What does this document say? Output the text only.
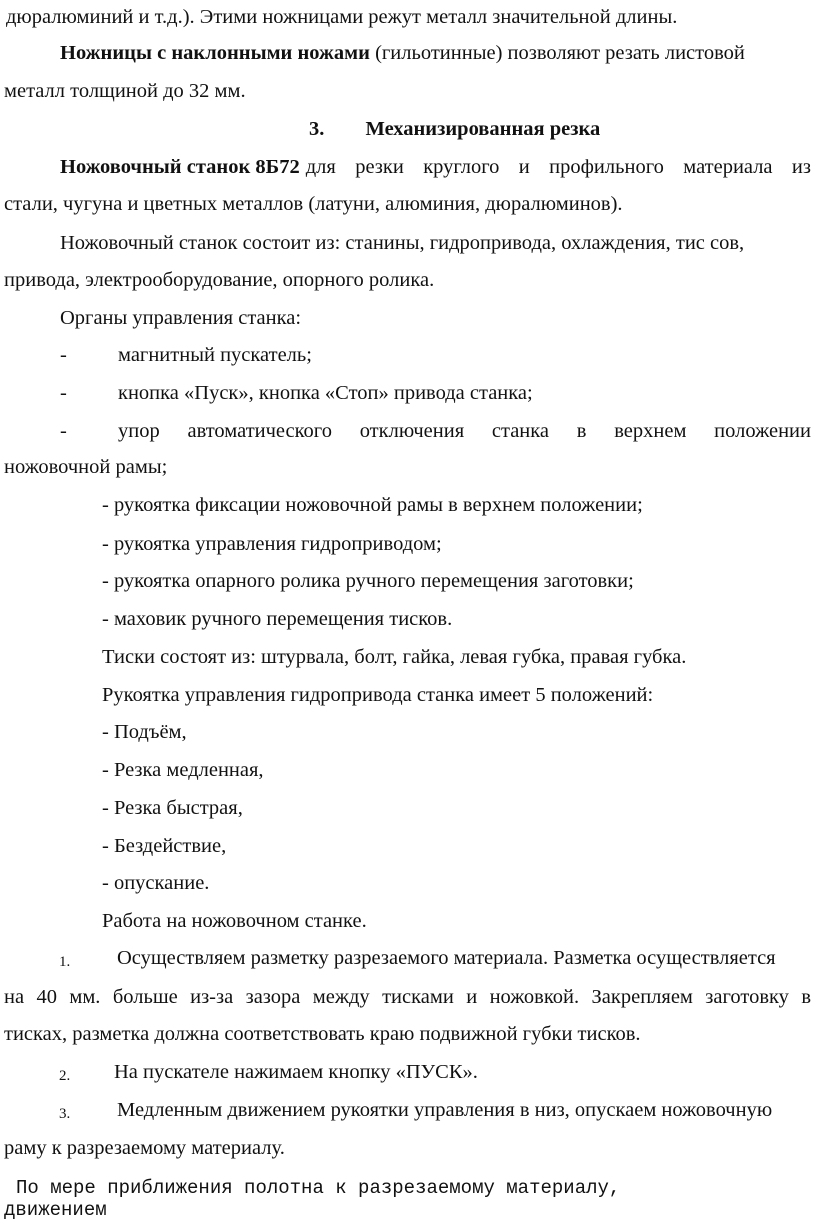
дюралюминий и т.д.). Этими ножницами режут металл значительной длины.
Ножницы с наклонными ножами (гильотинные) позволяют резать листовой
металл толщиной до 32 мм.
3. Механизированная резка
Ножовочный станок 8Б72 для резки круглого и профильного материала из
стали, чугуна и цветных металлов (латуни, алюминия, дюралюминов).
Ножовочный станок состоит из: станины, гидропривода, охлаждения, тис сов,
привода, электрооборудование, опорного ролика.
Органы управления станка:
- магнитный пускатель;
- кнопка «Пуск», кнопка «Стоп» привода станка;
- упор автоматического отключения станка в верхнем положении
ножовочной рамы;
- рукоятка фиксации ножовочной рамы в верхнем положении;
- рукоятка управления гидроприводом;
- рукоятка опарного ролика ручного перемещения заготовки;
- маховик ручного перемещения тисков.
Тиски состоят из: штурвала, болт, гайка, левая губка, правая губка.
Рукоятка управления гидропривода станка имеет 5 положений:
- Подъём,
- Резка медленная,
- Резка быстрая,
- Бездействие,
- опускание.
Работа на ножовочном станке.
1. Осуществляем разметку разрезаемого материала. Разметка осуществляется
на 40 мм. больше из-за зазора между тисками и ножовкой. Закрепляем заготовку в
тисках, разметка должна соответствовать краю подвижной губки тисков.
2. На пускателе нажимаем кнопку «ПУСК».
3. Медленным движением рукоятки управления в низ, опускаем ножовочную
раму к разрезаемому материалу.
По мере приближения полотна к разрезаемому материалу,
движением
